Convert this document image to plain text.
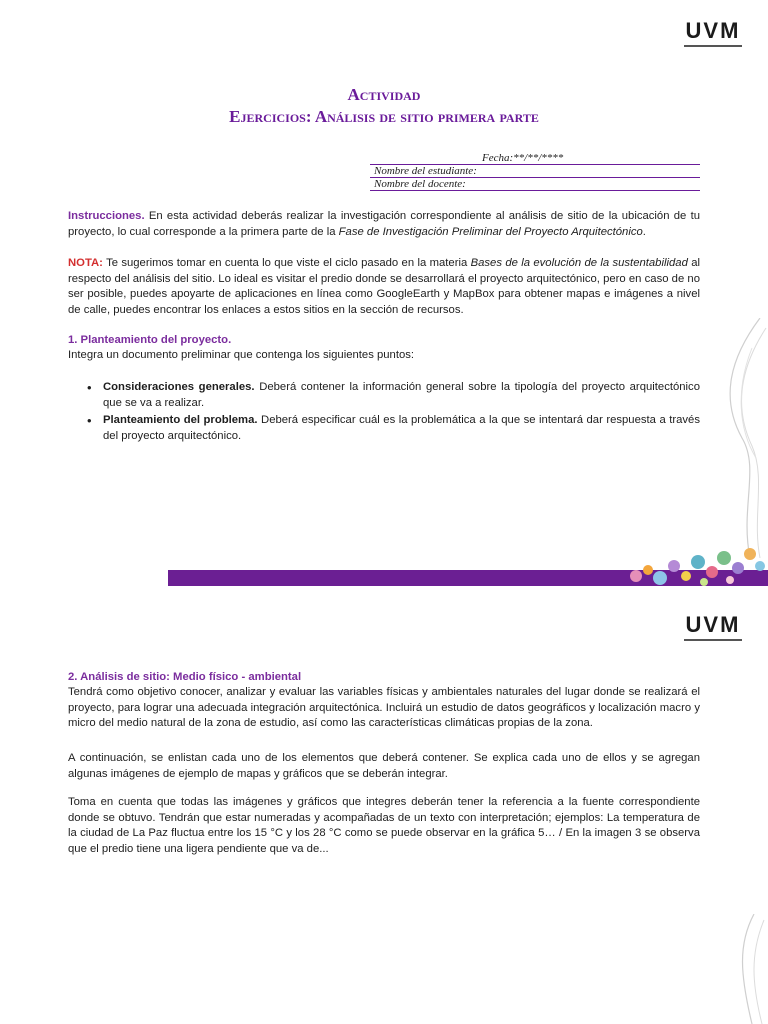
UVM
Actividad
Ejercicios: Análisis de sitio primera parte
Fecha:**/**/****
Nombre del estudiante:
Nombre del docente:

Instrucciones. En esta actividad deberás realizar la investigación correspondiente al análisis de sitio de la ubicación de tu proyecto, lo cual corresponde a la primera parte de la Fase de Investigación Preliminar del Proyecto Arquitectónico.

NOTA: Te sugerimos tomar en cuenta lo que viste el ciclo pasado en la materia Bases de la evolución de la sustentabilidad al respecto del análisis del sitio. Lo ideal es visitar el predio donde se desarrollará el proyecto arquitectónico, pero en caso de no ser posible, puedes apoyarte de aplicaciones en línea como GoogleEarth y MapBox para obtener mapas e imágenes a nivel de calle, puedes encontrar los enlaces a estos sitios en la sección de recursos.

1. Planteamiento del proyecto.

Integra un documento preliminar que contenga los siguientes puntos:

• Consideraciones generales. Deberá contener la información general sobre la tipología del proyecto arquitectónico que se va a realizar.
• Planteamiento del problema. Deberá especificar cuál es la problemática a la que se intentará dar respuesta a través del proyecto arquitectónico.
UVM

2. Análisis de sitio: Medio físico - ambiental

Tendrá como objetivo conocer, analizar y evaluar las variables físicas y ambientales naturales del lugar donde se realizará el proyecto, para lograr una adecuada integración arquitectónica. Incluirá un estudio de datos geográficos y localización macro y micro del medio natural de la zona de estudio, así como las características climáticas propias de la zona.

A continuación, se enlistan cada uno de los elementos que deberá contener. Se explica cada uno de ellos y se agregan algunas imágenes de ejemplo de mapas y gráficos que se deberán integrar.

Toma en cuenta que todas las imágenes y gráficos que integres deberán tener la referencia a la fuente correspondiente donde se obtuvo. Tendrán que estar numeradas y acompañadas de un texto con interpretación; ejemplos: La temperatura de la ciudad de La Paz fluctua entre los 15 °C y los 28 °C como se puede observar en la gráfica 5… / En la imagen 3 se observa que el predio tiene una ligera pendiente que va de...
